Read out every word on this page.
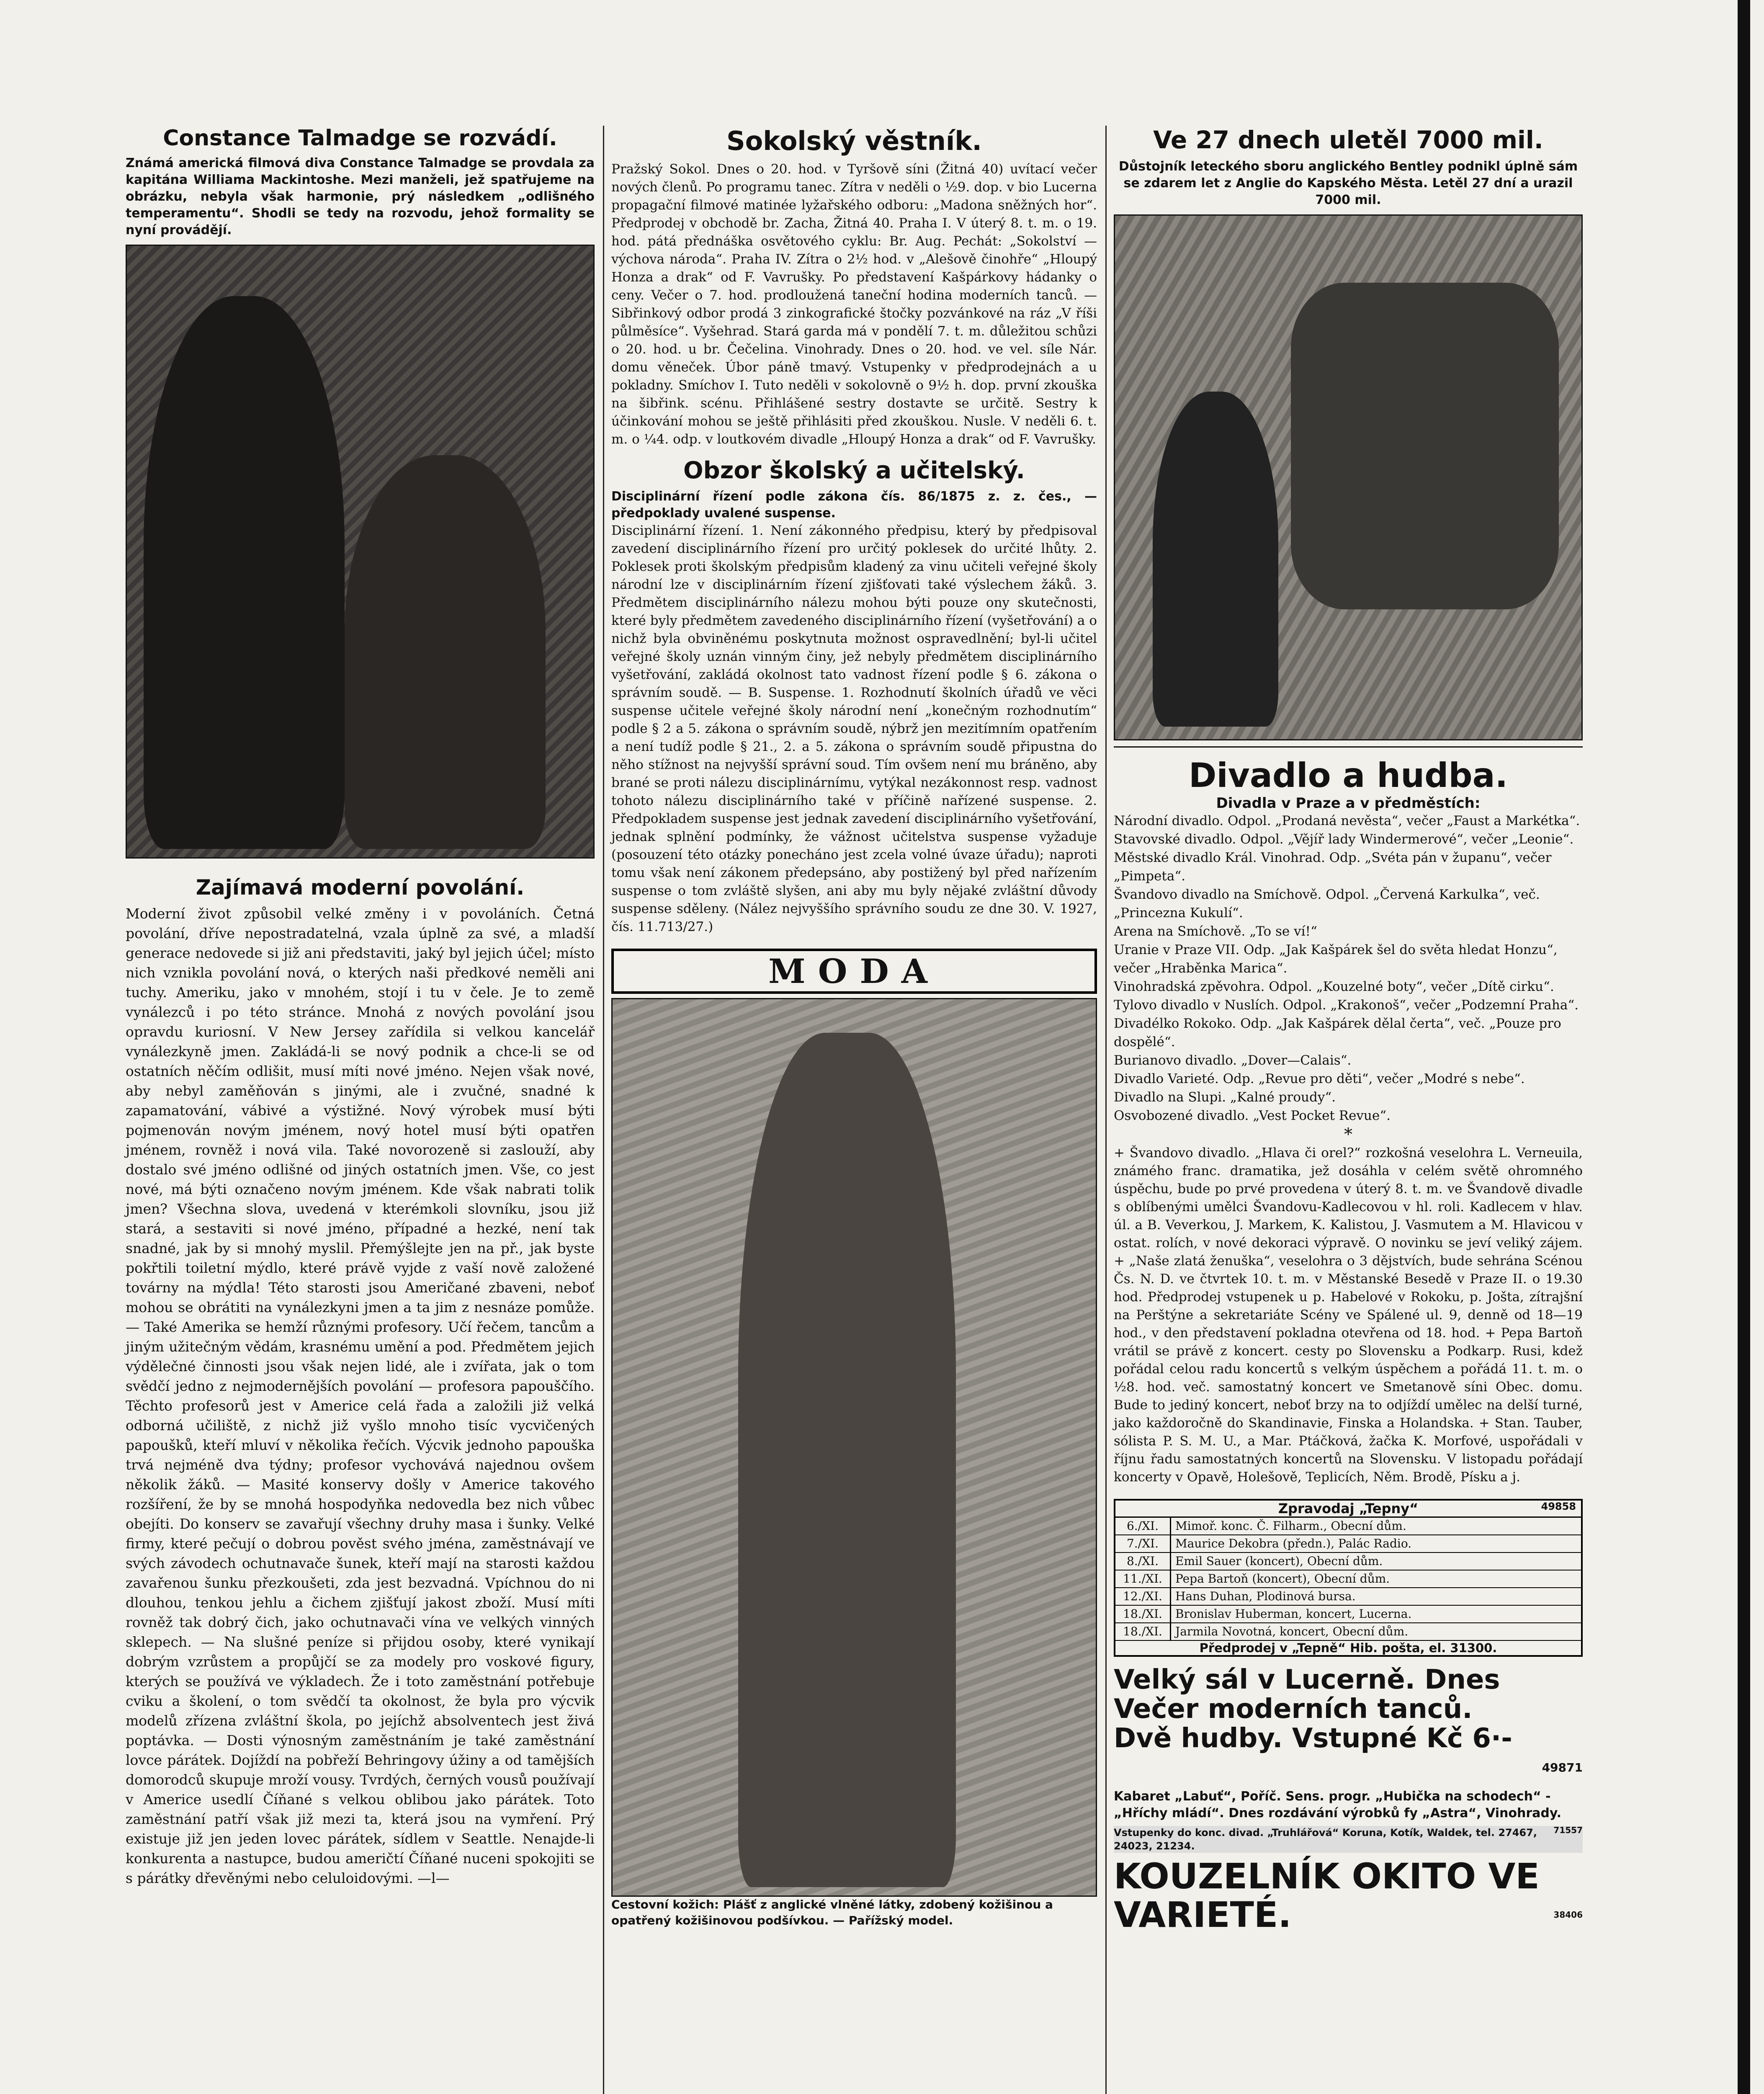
Constance Talmadge se rozvádí.
Známá americká filmová diva Constance Talmadge se provdala za kapitána Williama Mackintoshe. Mezi manželi, jež spatřujeme na obrázku, nebyla však harmonie, prý následkem „odlišného temperamentu“. Shodli se tedy na rozvodu, jehož formality se nyní provádějí.
Zajímavá moderní povolání.
Moderní život způsobil velké změny i v povoláních. Četná povolání, dříve nepostradatelná, vzala úplně za své, a mladší generace nedovede si již ani představiti, jaký byl jejich účel; místo nich vznikla povolání nová, o kterých naši předkové neměli ani tuchy. Ameriku, jako v mnohém, stojí i tu v čele. Je to země vynálezců i po této stránce. Mnohá z nových povolání jsou opravdu kuriosní. V New Jersey zařídila si velkou kancelář vynálezkyně jmen. Zakládá-li se nový podnik a chce-li se od ostatních něčím odlišit, musí míti nové jméno. Nejen však nové, aby nebyl zaměňován s jinými, ale i zvučné, snadné k zapamatování, vábivé a výstižné. Nový výrobek musí býti pojmenován novým jménem, nový hotel musí býti opatřen jménem, rovněž i nová vila. Také novorozeně si zaslouží, aby dostalo své jméno odlišné od jiných ostatních jmen. Vše, co jest nové, má býti označeno novým jménem. Kde však nabrati tolik jmen? Všechna slova, uvedená v kterémkoli slovníku, jsou již stará, a sestaviti si nové jméno, případné a hezké, není tak snadné, jak by si mnohý myslil. Přemýšlejte jen na př., jak byste pokřtili toiletní mýdlo, které právě vyjde z vaší nově založené továrny na mýdla! Této starosti jsou Američané zbaveni, neboť mohou se obrátiti na vynálezkyni jmen a ta jim z nesnáze pomůže. — Také Amerika se hemží různými profesory. Učí řečem, tancům a jiným užitečným vědám, krasnému umění a pod. Předmětem jejich výdělečné činnosti jsou však nejen lidé, ale i zvířata, jak o tom svědčí jedno z nejmodernějších povolání — profesora papouščího. Těchto profesorů jest v Americe celá řada a založili již velká odborná učiliště, z nichž již vyšlo mnoho tisíc vycvičených papoušků, kteří mluví v několika řečích. Výcvik jednoho papouška trvá nejméně dva týdny; profesor vychovává najednou ovšem několik žáků. — Masité konservy došly v Americe takového rozšíření, že by se mnohá hospodyňka nedovedla bez nich vůbec obejíti. Do konserv se zavařují všechny druhy masa i šunky. Velké firmy, které pečují o dobrou pověst svého jména, zaměstnávají ve svých závodech ochutnavače šunek, kteří mají na starosti každou zavařenou šunku přezkoušeti, zda jest bezvadná. Vpíchnou do ni dlouhou, tenkou jehlu a čichem zjišťují jakost zboží. Musí míti rovněž tak dobrý čich, jako ochutnavači vína ve velkých vinných sklepech. — Na slušné peníze si přijdou osoby, které vynikají dobrým vzrůstem a propůjčí se za modely pro voskové figury, kterých se používá ve výkladech. Že i toto zaměstnání potřebuje cviku a školení, o tom svědčí ta okolnost, že byla pro výcvik modelů zřízena zvláštní škola, po jejíchž absolventech jest živá poptávka. — Dosti výnosným zaměstnáním je také zaměstnání lovce párátek. Dojíždí na pobřeží Behringovy úžiny a od tamějších domorodců skupuje mroží vousy. Tvrdých, černých vousů používají v Americe usedlí Číňané s velkou oblibou jako párátek. Toto zaměstnání patří však již mezi ta, která jsou na vymření. Prý existuje již jen jeden lovec párátek, sídlem v Seattle. Nenajde-li konkurenta a nastupce, budou američtí Číňané nuceni spokojiti se s párátky dřevěnými nebo celuloidovými. —l—
Sokolský věstník.
Pražský Sokol. Dnes o 20. hod. v Tyršově síni (Žitná 40) uvítací večer nových členů. Po programu tanec. Zítra v neděli o ½9. dop. v bio Lucerna propagační filmové matinée lyžařského odboru: „Madona sněžných hor“. Předprodej v obchodě br. Zacha, Žitná 40. Praha I. V úterý 8. t. m. o 19. hod. pátá přednáška osvětového cyklu: Br. Aug. Pechát: „Sokolství — výchova národa“. Praha IV. Zítra o 2½ hod. v „Alešově činohře“ „Hloupý Honza a drak“ od F. Vavrušky. Po představení Kašpárkovy hádanky o ceny. Večer o 7. hod. prodloužená taneční hodina moderních tanců. — Sibřinkový odbor prodá 3 zinkografické štočky pozvánkové na ráz „V říši půlměsíce“. Vyšehrad. Stará garda má v pondělí 7. t. m. důležitou schůzi o 20. hod. u br. Čečelina. Vinohrady. Dnes o 20. hod. ve vel. síle Nár. domu věneček. Úbor páně tmavý. Vstupenky v předprodejnách a u pokladny. Smíchov I. Tuto neděli v sokolovně o 9½ h. dop. první zkouška na šibřink. scénu. Přihlášené sestry dostavte se určitě. Sestry k účinkování mohou se ještě přihlásiti před zkouškou. Nusle. V neděli 6. t. m. o ¼4. odp. v loutkovém divadle „Hloupý Honza a drak“ od F. Vavrušky.
Obzor školský a učitelský.
Disciplinární řízení podle zákona čís. 86/1875 z. z. čes., — předpoklady uvalené suspense.
Disciplinární řízení. 1. Není zákonného předpisu, který by předpisoval zavedení disciplinárního řízení pro určitý poklesek do určité lhůty. 2. Poklesek proti školským předpisům kladený za vinu učiteli veřejné školy národní lze v disciplinárním řízení zjišťovati také výslechem žáků. 3. Předmětem disciplinárního nálezu mohou býti pouze ony skutečnosti, které byly předmětem zavedeného disciplinárního řízení (vyšetřování) a o nichž byla obviněnému poskytnuta možnost ospravedlnění; byl-li učitel veřejné školy uznán vinným činy, jež nebyly předmětem disciplinárního vyšetřování, zakládá okolnost tato vadnost řízení podle § 6. zákona o správním soudě. — B. Suspense. 1. Rozhodnutí školních úřadů ve věci suspense učitele veřejné školy národní není „konečným rozhodnutím“ podle § 2 a 5. zákona o správním soudě, nýbrž jen mezitímním opatřením a není tudíž podle § 21., 2. a 5. zákona o správním soudě připustna do něho stížnost na nejvyšší správní soud. Tím ovšem není mu bráněno, aby brané se proti nálezu disciplinárnímu, vytýkal nezákonnost resp. vadnost tohoto nálezu disciplinárního také v příčině nařízené suspense. 2. Předpokladem suspense jest jednak zavedení disciplinárního vyšetřování, jednak splnění podmínky, že vážnost učitelstva suspense vyžaduje (posouzení této otázky ponecháno jest zcela volné úvaze úřadu); naproti tomu však není zákonem předepsáno, aby postižený byl před nařízením suspense o tom zvláště slyšen, ani aby mu byly nějaké zvláštní důvody suspense sděleny. (Nález nejvyššího správního soudu ze dne 30. V. 1927, čís. 11.713/27.)
MODA
Cestovní kožich: Plášť z anglické vlněné látky, zdobený kožišinou a opatřený kožišinovou podšívkou. — Pařížský model.
Ve 27 dnech uletěl 7000 mil.
Důstojník leteckého sboru anglického Bentley podnikl úplně sám se zdarem let z Anglie do Kapského Města. Letěl 27 dní a urazil 7000 mil.
Divadlo a hudba.
Divadla v Praze a v předměstích:
Národní divadlo. Odpol. „Prodaná nevěsta“, večer „Faust a Markétka“.
Stavovské divadlo. Odpol. „Vějíř lady Windermerové“, večer „Leonie“.
Městské divadlo Král. Vinohrad. Odp. „Svéta pán v županu“, večer „Pimpeta“.
Švandovo divadlo na Smíchově. Odpol. „Červená Karkulka“, več. „Princezna Kukulí“.
Arena na Smíchově. „To se ví!“
Uranie v Praze VII. Odp. „Jak Kašpárek šel do světa hledat Honzu“, večer „Hraběnka Marica“.
Vinohradská zpěvohra. Odpol. „Kouzelné boty“, večer „Dítě cirku“.
Tylovo divadlo v Nuslích. Odpol. „Krakonoš“, večer „Podzemní Praha“.
Divadélko Rokoko. Odp. „Jak Kašpárek dělal čerta“, več. „Pouze pro dospělé“.
Burianovo divadlo. „Dover—Calais“.
Divadlo Varieté. Odp. „Revue pro děti“, večer „Modré s nebe“.
Divadlo na Slupi. „Kalné proudy“.
Osvobozené divadlo. „Vest Pocket Revue“.
*
+ Švandovo divadlo. „Hlava či orel?“ rozkošná veselohra L. Verneuila, známého franc. dramatika, jež dosáhla v celém světě ohromného úspěchu, bude po prvé provedena v úterý 8. t. m. ve Švandově divadle s oblíbenými umělci Švandovu-Kadlecovou v hl. roli. Kadlecem v hlav. úl. a B. Veverkou, J. Markem, K. Kalistou, J. Vasmutem a M. Hlavicou v ostat. rolích, v nové dekoraci výpravě. O novinku se jeví veliký zájem. + „Naše zlatá ženuška“, veselohra o 3 dějstvích, bude sehrána Scénou Čs. N. D. ve čtvrtek 10. t. m. v Městanské Besedě v Praze II. o 19.30 hod. Předprodej vstupenek u p. Habelové v Rokoku, p. Jošta, zítrajšní na Perštýne a sekretariáte Scény ve Spálené ul. 9, denně od 18—19 hod., v den představení pokladna otevřena od 18. hod. + Pepa Bartoň vrátil se právě z koncert. cesty po Slovensku a Podkarp. Rusi, kdež pořádal celou radu koncertů s velkým úspěchem a pořádá 11. t. m. o ½8. hod. več. samostatný koncert ve Smetanově síni Obec. domu. Bude to jediný koncert, neboť brzy na to odjíždí umělec na delší turné, jako každoročně do Skandinavie, Finska a Holandska. + Stan. Tauber, sólista P. S. M. U., a Mar. Ptáčková, žačka K. Morfové, uspořádali v říjnu řadu samostatných koncertů na Slovensku. V listopadu pořádají koncerty v Opavě, Holešově, Teplicích, Něm. Brodě, Písku a j.
Zpravodaj „Tepny“	49858
6./XI.	Mimoř. konc. Č. Filharm., Obecní dům.
7./XI.	Maurice Dekobra (předn.), Palác Radio.
8./XI.	Emil Sauer (koncert), Obecní dům.
11./XI.	Pepa Bartoň (koncert), Obecní dům.
12./XI.	Hans Duhan, Plodinová bursa.
18./XI.	Bronislav Huberman, koncert, Lucerna.
18./XI.	Jarmila Novotná, koncert, Obecní dům.
Předprodej v „Tepně“ Hib. pošta, el. 31300.
Velký sál v Lucerně. Dnes
Večer moderních tanců.
Dvě hudby. Vstupné Kč 6·-
49871
Kabaret „Labuť“, Poříč. Sens. progr. „Hubička na schodech“ - „Hříchy mládí“. Dnes rozdávání výrobků fy „Astra“, Vinohrady.
71557
Vstupenky do konc. divad. „Truhlářová“ Koruna, Kotík, Waldek, tel. 27467, 24023, 21234.
KOUZELNÍK OKITO VE VARIETÉ.	38406
